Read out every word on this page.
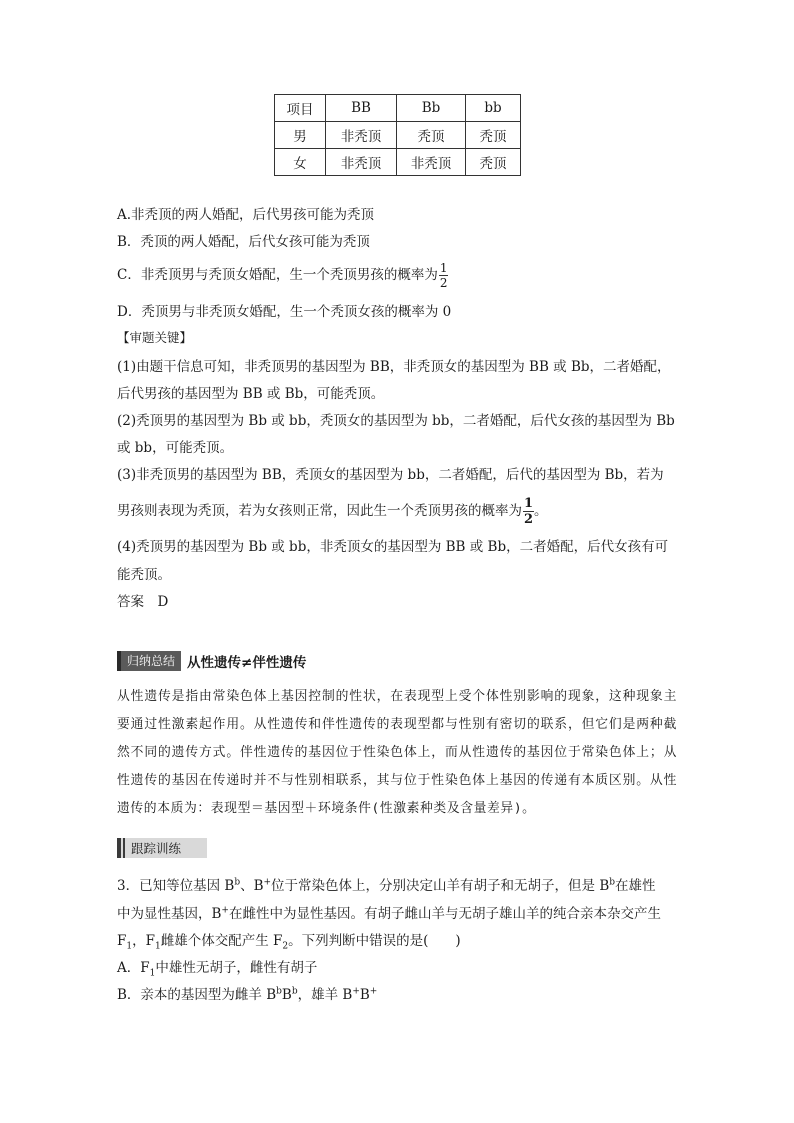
项目	BB	Bb	bb
男	非秃顶	秃顶	秃顶
女	非秃顶	非秃顶	秃顶
A.非秃顶的两人婚配，后代男孩可能为秃顶
B．秃顶的两人婚配，后代女孩可能为秃顶
C．非秃顶男与秃顶女婚配，生一个秃顶男孩的概率为 $\frac{1}{2}$
D．秃顶男与非秃顶女婚配，生一个秃顶女孩的概率为 0
【审题关键】
(1)由题干信息可知，非秃顶男的基因型为 BB，非秃顶女的基因型为 BB 或 Bb，二者婚配，
后代男孩的基因型为 BB 或 Bb，可能秃顶。
(2)秃顶男的基因型为 Bb 或 bb，秃顶女的基因型为 bb，二者婚配，后代女孩的基因型为 Bb
或 bb，可能秃顶。
(3)非秃顶男的基因型为 BB，秃顶女的基因型为 bb，二者婚配，后代的基因型为 Bb，若为
男孩则表现为秃顶，若为女孩则正常，因此生一个秃顶男孩的概率为 $\frac{1}{2}$ 。
(4)秃顶男的基因型为 Bb 或 bb，非秃顶女的基因型为 BB 或 Bb，二者婚配，后代女孩有可
能秃顶。
答案　D
归纳总结 从性遗传≠伴性遗传
从性遗传是指由常染色体上基因控制的性状，在表现型上受个体性别影响的现象，这种现象主要通过性激素起作用。从性遗传和伴性遗传的表现型都与性别有密切的联系，但它们是两种截然不同的遗传方式。伴性遗传的基因位于性染色体上，而从性遗传的基因位于常染色体上；从性遗传的基因在传递时并不与性别相联系，其与位于性染色体上基因的传递有本质区别。从性遗传的本质为：表现型＝基因型＋环境条件(性激素种类及含量差异)。
跟踪训练
3．已知等位基因 $B^b$、B+位于常染色体上，分别决定山羊有胡子和无胡子，但是 $B^b$在雄性
中为显性基因，B+在雌性中为显性基因。有胡子雌山羊与无胡子雄山羊的纯合亲本杂交产生
$F_1$，$F_1$雌雄个体交配产生 $F_2$。下列判断中错误的是(　　)
A．$F_1$中雄性无胡子，雌性有胡子
B．亲本的基因型为雌羊 $B^bB^b$，雄羊 B+B+
